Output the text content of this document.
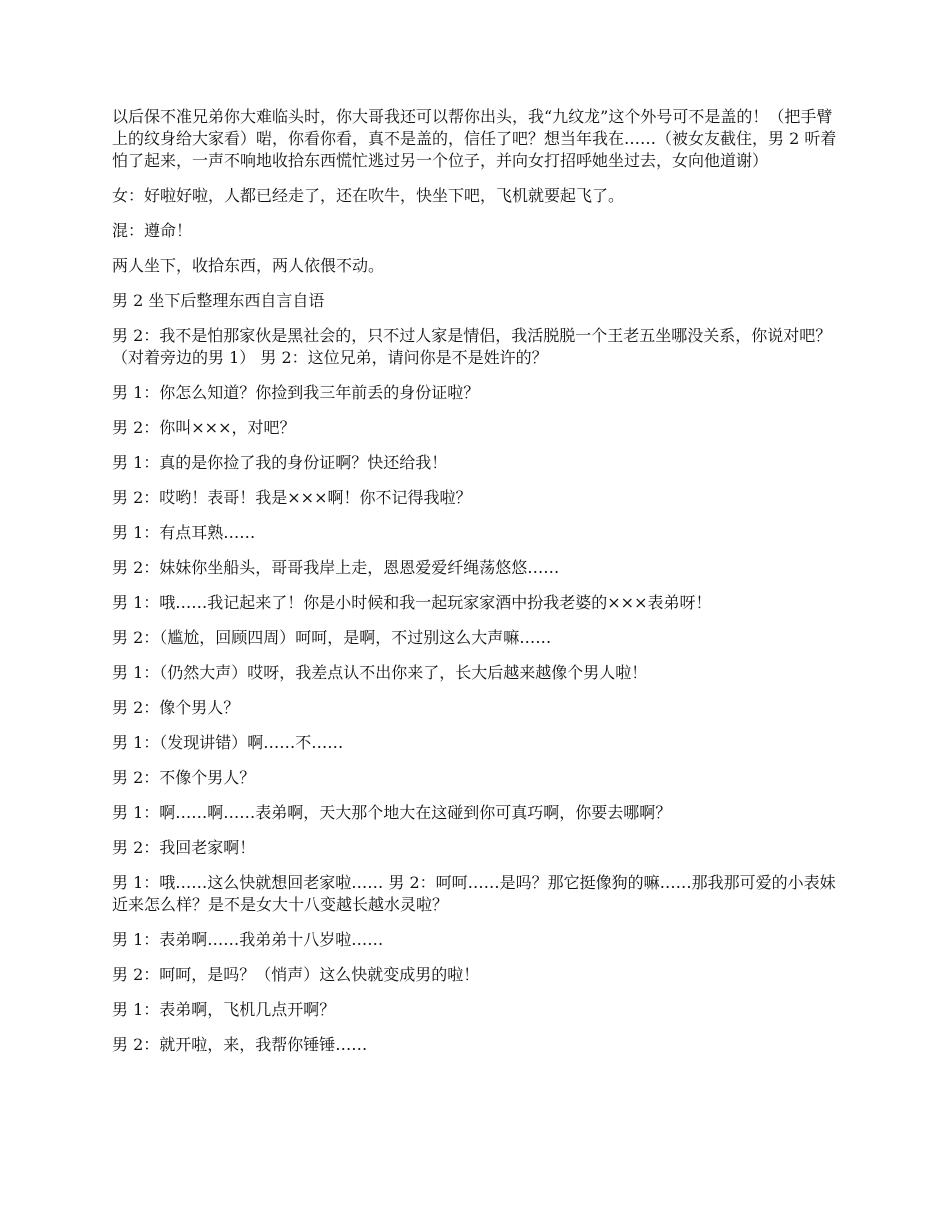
以后保不准兄弟你大难临头时，你大哥我还可以帮你出头，我“九纹龙”这个外号可不是盖的！（把手臂上的纹身给大家看）啱，你看你看，真不是盖的，信任了吧？想当年我在……（被女友截住，男 2 听着怕了起来，一声不响地收拾东西慌忙逃过另一个位子，并向女打招呼她坐过去，女向他道谢）

女：好啦好啦，人都已经走了，还在吹牛，快坐下吧，飞机就要起飞了。

混：遵命！

两人坐下，收拾东西，两人依偎不动。

男 2 坐下后整理东西自言自语

男 2：我不是怕那家伙是黑社会的，只不过人家是情侣，我活脱脱一个王老五坐哪没关系，你说对吧？（对着旁边的男 1） 男 2：这位兄弟，请问你是不是姓许的？

男 1：你怎么知道？你捡到我三年前丢的身份证啦？

男 2：你叫×××，对吧？

男 1：真的是你捡了我的身份证啊？快还给我！

男 2：哎哟！表哥！我是×××啊！你不记得我啦？

男 1：有点耳熟……

男 2：妹妹你坐船头，哥哥我岸上走，恩恩爱爱纤绳荡悠悠……

男 1：哦……我记起来了！你是小时候和我一起玩家家酒中扮我老婆的×××表弟呀！

男 2：（尴尬，回顾四周）呵呵，是啊，不过别这么大声嘛……

男 1：（仍然大声）哎呀，我差点认不出你来了，长大后越来越像个男人啦！

男 2：像个男人？

男 1：（发现讲错）啊……不……

男 2：不像个男人？

男 1：啊……啊……表弟啊，天大那个地大在这碰到你可真巧啊，你要去哪啊？

男 2：我回老家啊！

男 1：哦……这么快就想回老家啦…… 男 2：呵呵……是吗？那它挺像狗的嘛……那我那可爱的小表妹近来怎么样？是不是女大十八变越长越水灵啦？

男 1：表弟啊……我弟弟十八岁啦……

男 2：呵呵，是吗？（悄声）这么快就变成男的啦！

男 1：表弟啊，飞机几点开啊？

男 2：就开啦，来，我帮你锤锤……
